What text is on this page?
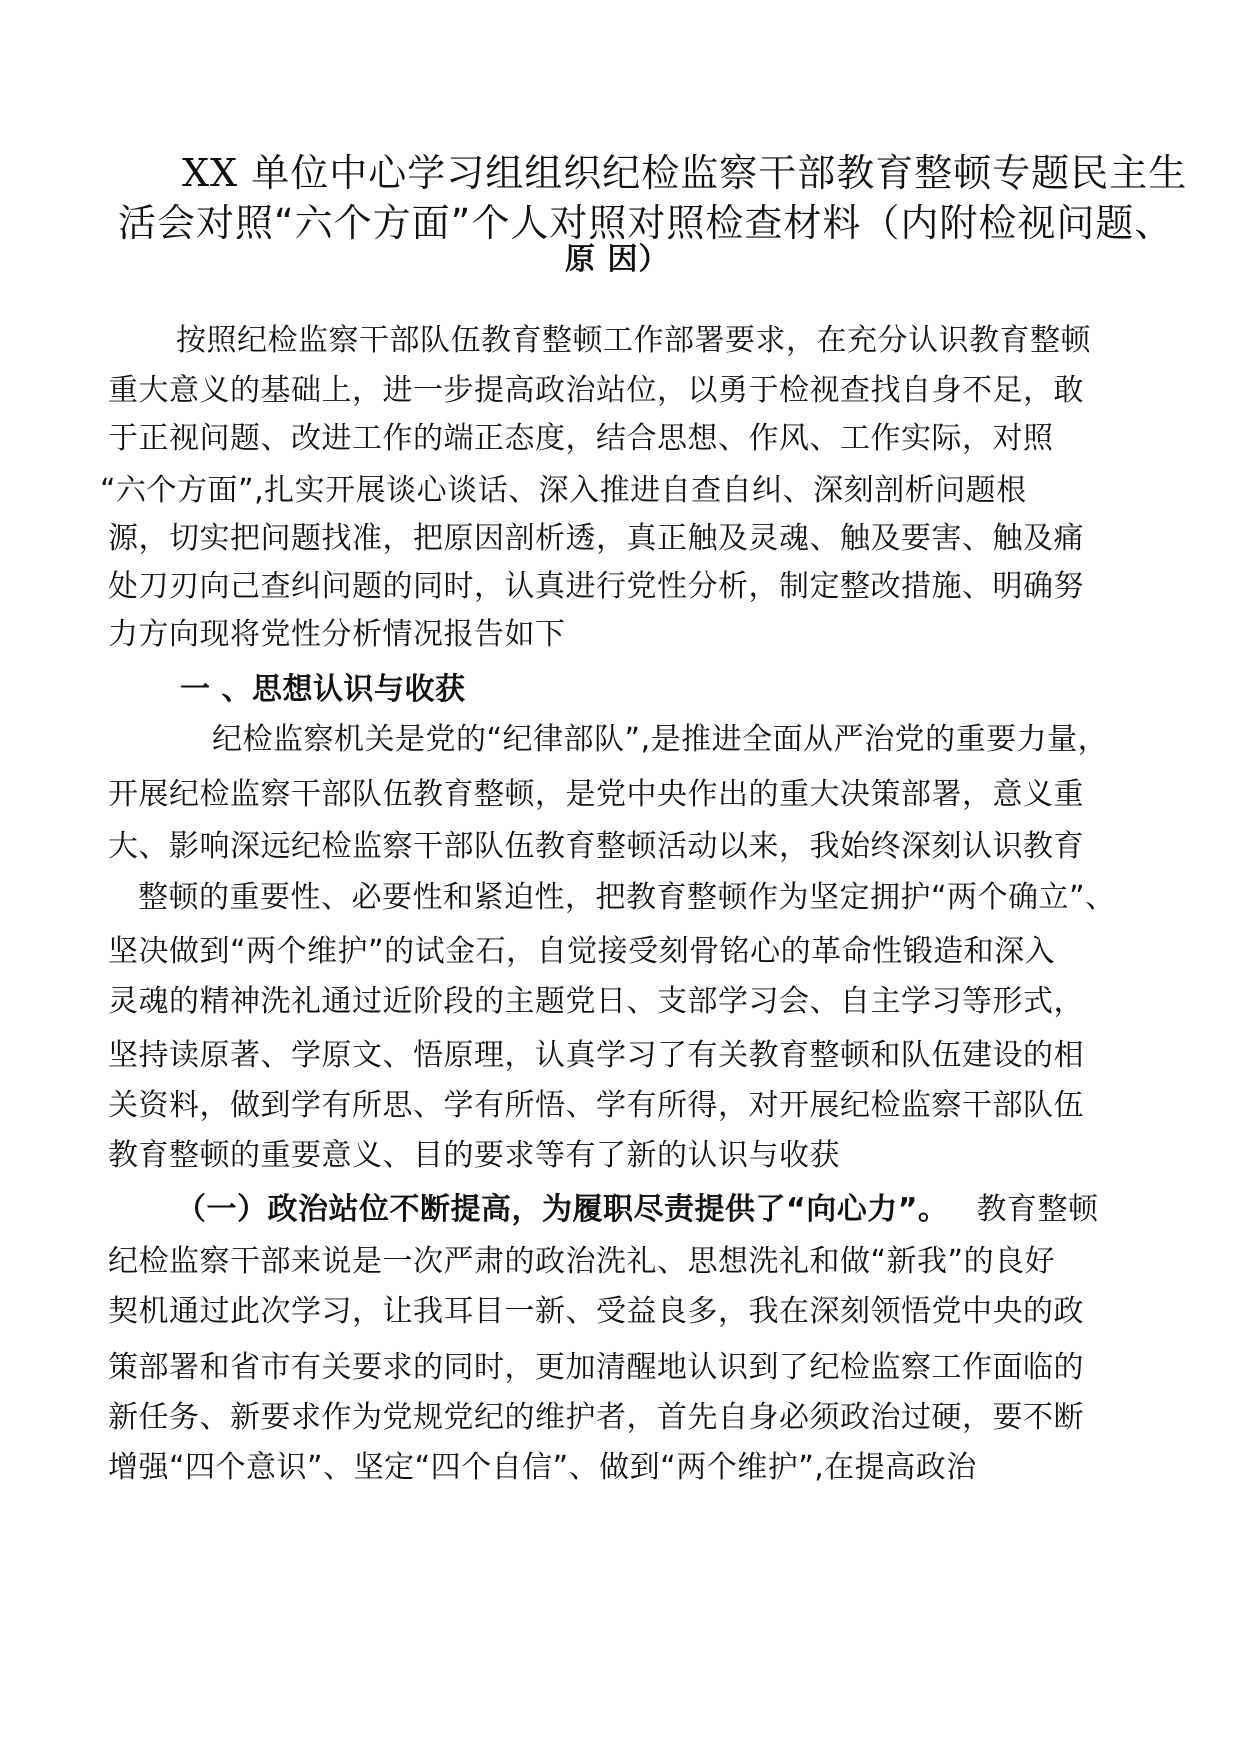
XX 单位中心学习组组织纪检监察干部教育整顿专题民主生
活会对照“六个方面”个人对照对照检查材料（内附检视问题、
原 因）
按照纪检监察干部队伍教育整顿工作部署要求，在充分认识教育整顿
重大意义的基础上，进一步提高政治站位，以勇于检视查找自身不足，敢
于正视问题、改进工作的端正态度，结合思想、作风、工作实际，对照
“六个方面”,扎实开展谈心谈话、深入推进自查自纠、深刻剖析问题根
源，切实把问题找准，把原因剖析透，真正触及灵魂、触及要害、触及痛
处刀刃向己查纠问题的同时，认真进行党性分析，制定整改措施、明确努
力方向现将党性分析情况报告如下
一 、思想认识与收获
纪检监察机关是党的“纪律部队”,是推进全面从严治党的重要力量，
开展纪检监察干部队伍教育整顿，是党中央作出的重大决策部署，意义重
大、影响深远纪检监察干部队伍教育整顿活动以来，我始终深刻认识教育
整顿的重要性、必要性和紧迫性，把教育整顿作为坚定拥护“两个确立”、
坚决做到“两个维护”的试金石，自觉接受刻骨铭心的革命性锻造和深入
灵魂的精神洗礼通过近阶段的主题党日、支部学习会、自主学习等形式，
坚持读原著、学原文、悟原理，认真学习了有关教育整顿和队伍建设的相
关资料，做到学有所思、学有所悟、学有所得，对开展纪检监察干部队伍
教育整顿的重要意义、目的要求等有了新的认识与收获
（一）政治站位不断提高，为履职尽责提供了“向心力”。 教育整顿
纪检监察干部来说是一次严肃的政治洗礼、思想洗礼和做“新我”的良好
契机通过此次学习，让我耳目一新、受益良多，我在深刻领悟党中央的政
策部署和省市有关要求的同时，更加清醒地认识到了纪检监察工作面临的
新任务、新要求作为党规党纪的维护者，首先自身必须政治过硬，要不断
增强“四个意识”、坚定“四个自信”、做到“两个维护”,在提高政治
